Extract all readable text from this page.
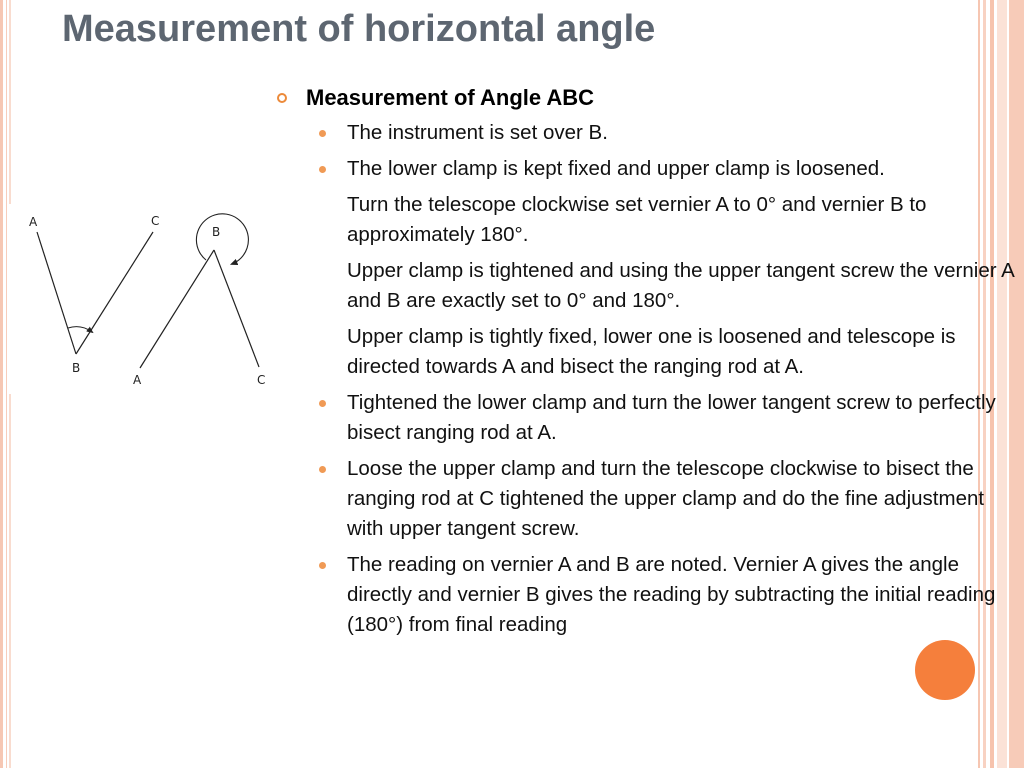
Measurement of horizontal angle
A	C
B
B
A	C
Measurement of Angle ABC
The instrument is set over B.
The lower clamp is kept fixed and upper clamp is loosened.
Turn the telescope clockwise set vernier A to 0° and vernier B to approximately 180°.
Upper clamp is tightened and using the upper tangent screw the vernier A and B are exactly set to 0° and 180°.
Upper clamp is tightly fixed, lower one is loosened and telescope is directed towards A and bisect the ranging rod at A.
Tightened the lower clamp and turn the lower tangent screw to perfectly bisect ranging rod at A.
Loose the upper clamp and turn the telescope clockwise to bisect the ranging rod at C tightened the upper clamp and do the fine adjustment with upper tangent screw.
The reading on vernier A and B are noted. Vernier A gives the angle directly and vernier B gives the reading by subtracting the initial reading (180°) from final reading
